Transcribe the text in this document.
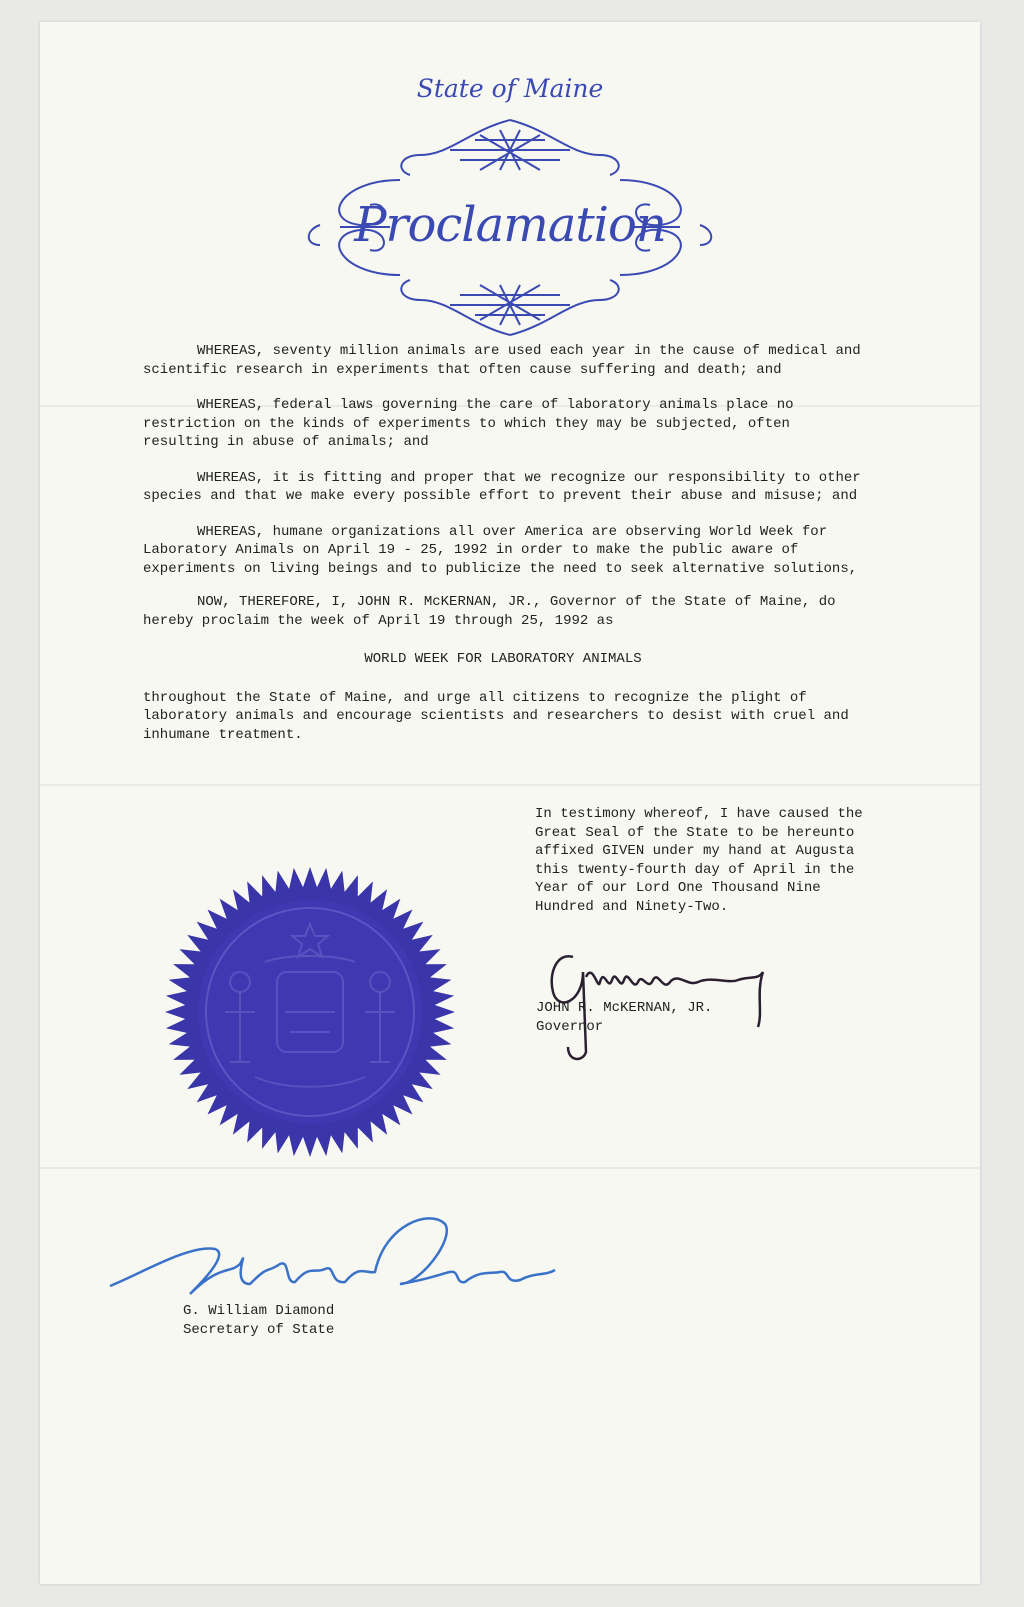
State of Maine
Proclamation

WHEREAS, seventy million animals are used each year in the cause of medical and scientific research in experiments that often cause suffering and death; and

WHEREAS, federal laws governing the care of laboratory animals place no restriction on the kinds of experiments to which they may be subjected, often resulting in abuse of animals; and

WHEREAS, it is fitting and proper that we recognize our responsibility to other species and that we make every possible effort to prevent their abuse and misuse; and

WHEREAS, humane organizations all over America are observing World Week for Laboratory Animals on April 19 - 25, 1992 in order to make the public aware of experiments on living beings and to publicize the need to seek alternative solutions,

NOW, THEREFORE, I, JOHN R. McKERNAN, JR., Governor of the State of Maine, do hereby proclaim the week of April 19 through 25, 1992 as

WORLD WEEK FOR LABORATORY ANIMALS

throughout the State of Maine, and urge all citizens to recognize the plight of laboratory animals and encourage scientists and researchers to desist with cruel and inhumane treatment.

In testimony whereof, I have caused the Great Seal of the State to be hereunto affixed GIVEN under my hand at Augusta this twenty-fourth day of April in the Year of our Lord One Thousand Nine Hundred and Ninety-Two.
JOHN R. McKERNAN, JR.
Governor
G. William Diamond
Secretary of State
